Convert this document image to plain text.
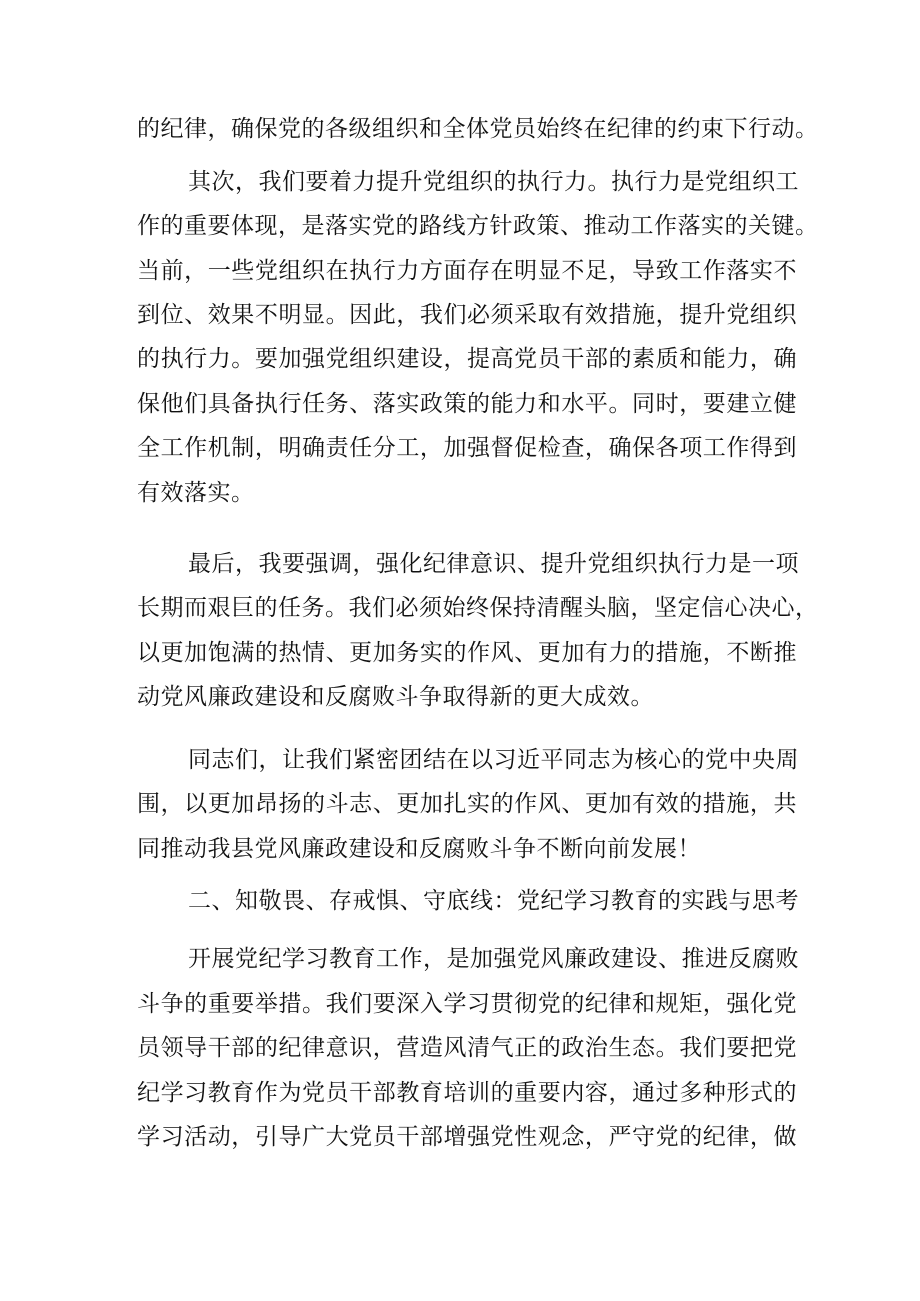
的纪律，确保党的各级组织和全体党员始终在纪律的约束下行动。
其次，我们要着力提升党组织的执行力。执行力是党组织工
作的重要体现，是落实党的路线方针政策、推动工作落实的关键。
当前，一些党组织在执行力方面存在明显不足，导致工作落实不
到位、效果不明显。因此，我们必须采取有效措施，提升党组织
的执行力。要加强党组织建设，提高党员干部的素质和能力，确
保他们具备执行任务、落实政策的能力和水平。同时，要建立健
全工作机制，明确责任分工，加强督促检查，确保各项工作得到
有效落实。
最后，我要强调，强化纪律意识、提升党组织执行力是一项
长期而艰巨的任务。我们必须始终保持清醒头脑，坚定信心决心，
以更加饱满的热情、更加务实的作风、更加有力的措施，不断推
动党风廉政建设和反腐败斗争取得新的更大成效。
同志们，让我们紧密团结在以习近平同志为核心的党中央周
围，以更加昂扬的斗志、更加扎实的作风、更加有效的措施，共
同推动我县党风廉政建设和反腐败斗争不断向前发展！
二、知敬畏、存戒惧、守底线：党纪学习教育的实践与思考
开展党纪学习教育工作，是加强党风廉政建设、推进反腐败
斗争的重要举措。我们要深入学习贯彻党的纪律和规矩，强化党
员领导干部的纪律意识，营造风清气正的政治生态。我们要把党
纪学习教育作为党员干部教育培训的重要内容，通过多种形式的
学习活动，引导广大党员干部增强党性观念，严守党的纪律，做
